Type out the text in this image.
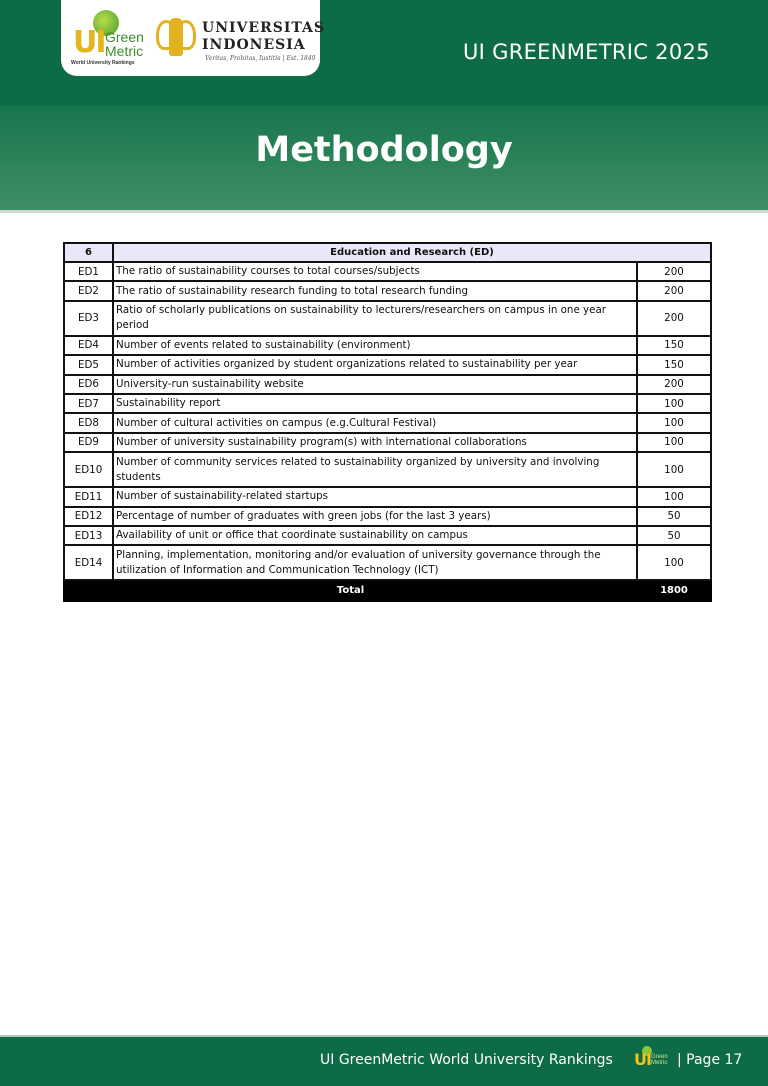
UI Green
Metric
World University Rankings
UNIVERSITAS
INDONESIA
Veritas, Probitas, Iustitia | Est. 1849	UI GREENMETRIC 2025
Methodology
6	Education and Research (ED)	
ED1	The ratio of sustainability courses to total courses/subjects	200
ED2	The ratio of sustainability research funding to total research funding	200
ED3	Ratio of scholarly publications on sustainability to lecturers/researchers on campus in one year period	200
ED4	Number of events related to sustainability (environment)	150
ED5	Number of activities organized by student organizations related to sustainability per year	150
ED6	University-run sustainability website	200
ED7	Sustainability report	100
ED8	Number of cultural activities on campus (e.g.Cultural Festival)	100
ED9	Number of university sustainability program(s) with international collaborations	100
ED10	Number of community services related to sustainability organized by university and involving students	100
ED11	Number of sustainability-related startups	100
ED12	Percentage of number of graduates with green jobs (for the last 3 years)	50
ED13	Availability of unit or office that coordinate sustainability on campus	50
ED14	Planning, implementation, monitoring and/or evaluation of university governance through the utilization of Information and Communication Technology (ICT)	100
Total		1800
UI GreenMetric World University Rankings UI Green
Metric | Page 17
